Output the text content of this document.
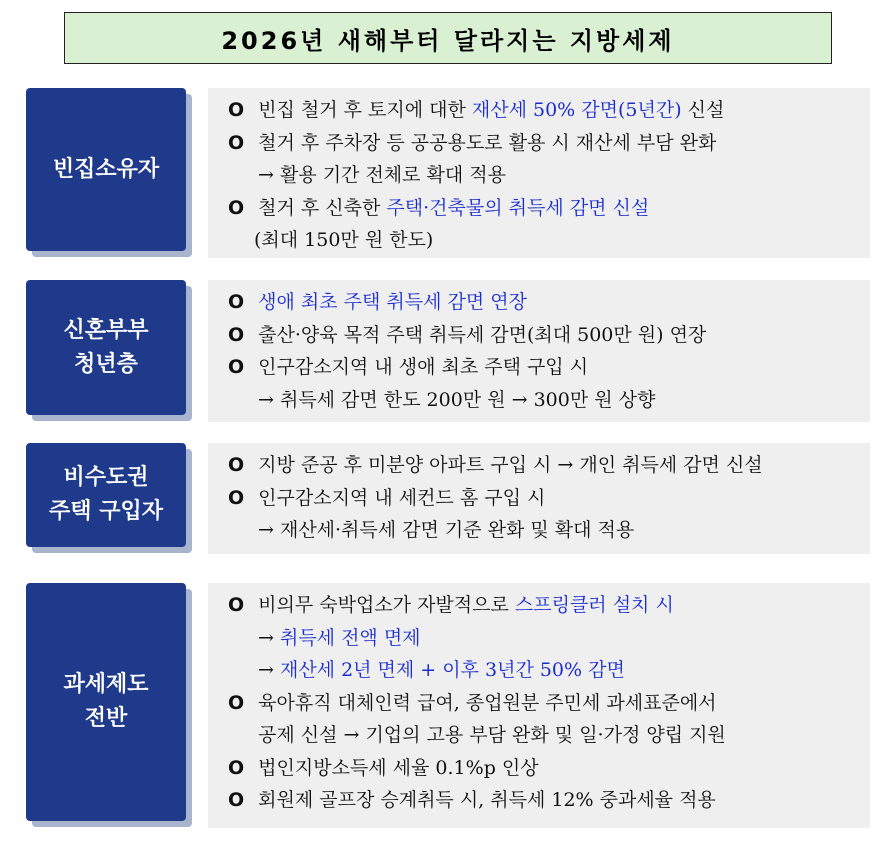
2026년 새해부터 달라지는 지방세제
빈집소유자
O 빈집 철거 후 토지에 대한 재산세 50% 감면(5년간) 신설
O 철거 후 주차장 등 공공용도로 활용 시 재산세 부담 완화
→ 활용 기간 전체로 확대 적용
O 철거 후 신축한 주택·건축물의 취득세 감면 신설
(최대 150만 원 한도)
신혼부부
청년층
O 생애 최초 주택 취득세 감면 연장
O 출산·양육 목적 주택 취득세 감면(최대 500만 원) 연장
O 인구감소지역 내 생애 최초 주택 구입 시
→ 취득세 감면 한도 200만 원 → 300만 원 상향
비수도권
주택 구입자
O 지방 준공 후 미분양 아파트 구입 시 → 개인 취득세 감면 신설
O 인구감소지역 내 세컨드 홈 구입 시
→ 재산세·취득세 감면 기준 완화 및 확대 적용
과세제도
전반
O 비의무 숙박업소가 자발적으로 스프링클러 설치 시
→ 취득세 전액 면제
→ 재산세 2년 면제 + 이후 3년간 50% 감면
O 육아휴직 대체인력 급여, 종업원분 주민세 과세표준에서
공제 신설 → 기업의 고용 부담 완화 및 일·가정 양립 지원
O 법인지방소득세 세율 0.1%p 인상
O 회원제 골프장 승계취득 시, 취득세 12% 중과세율 적용
